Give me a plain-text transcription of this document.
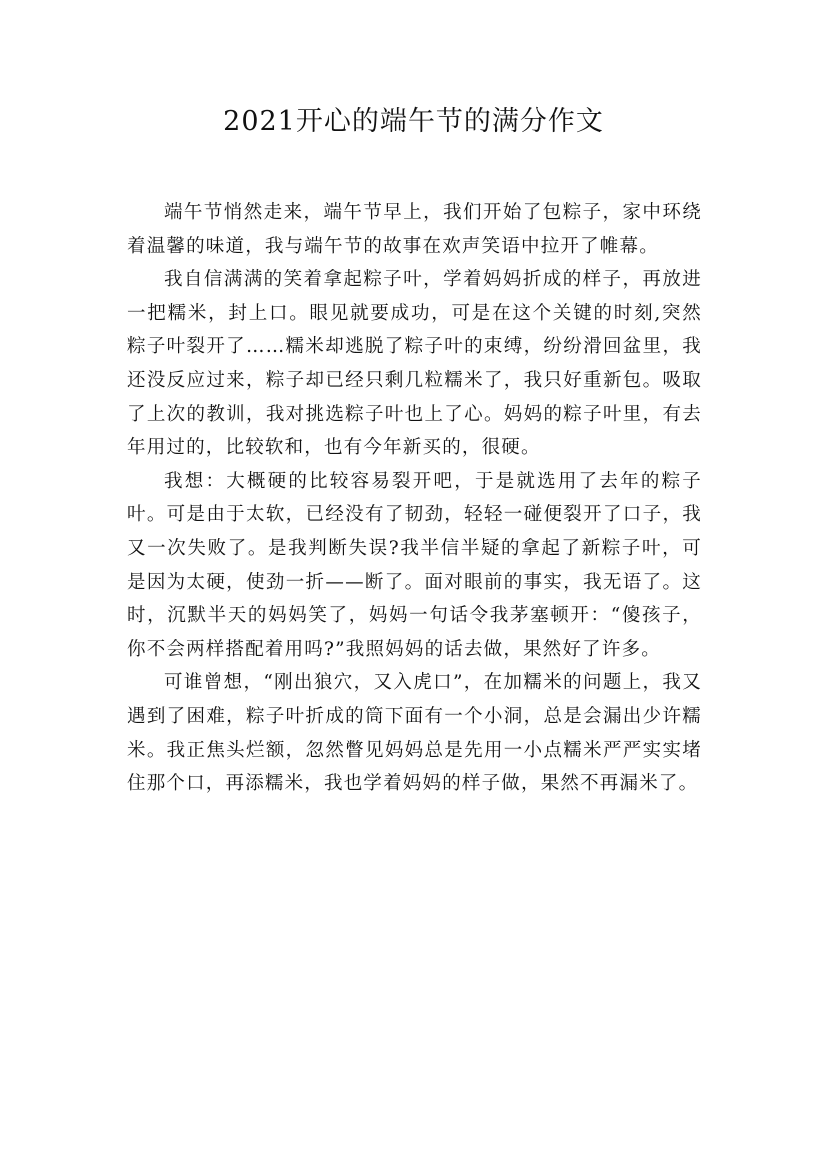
2021开心的端午节的满分作文

端午节悄然走来，端午节早上，我们开始了包粽子，家中环绕着温馨的味道，我与端午节的故事在欢声笑语中拉开了帷幕。

我自信满满的笑着拿起粽子叶，学着妈妈折成的样子，再放进一把糯米，封上口。眼见就要成功，可是在这个关键的时刻,突然粽子叶裂开了……糯米却逃脱了粽子叶的束缚，纷纷滑回盆里，我还没反应过来，粽子却已经只剩几粒糯米了，我只好重新包。吸取了上次的教训，我对挑选粽子叶也上了心。妈妈的粽子叶里，有去年用过的，比较软和，也有今年新买的，很硬。

我想：大概硬的比较容易裂开吧，于是就选用了去年的粽子叶。可是由于太软，已经没有了韧劲，轻轻一碰便裂开了口子，我又一次失败了。是我判断失误?我半信半疑的拿起了新粽子叶，可是因为太硬，使劲一折——断了。面对眼前的事实，我无语了。这时，沉默半天的妈妈笑了，妈妈一句话令我茅塞顿开：“傻孩子，你不会两样搭配着用吗?”我照妈妈的话去做，果然好了许多。

可谁曾想，“刚出狼穴，又入虎口”，在加糯米的问题上，我又遇到了困难，粽子叶折成的筒下面有一个小洞，总是会漏出少许糯米。我正焦头烂额，忽然瞥见妈妈总是先用一小点糯米严严实实堵住那个口，再添糯米，我也学着妈妈的样子做，果然不再漏米了。
